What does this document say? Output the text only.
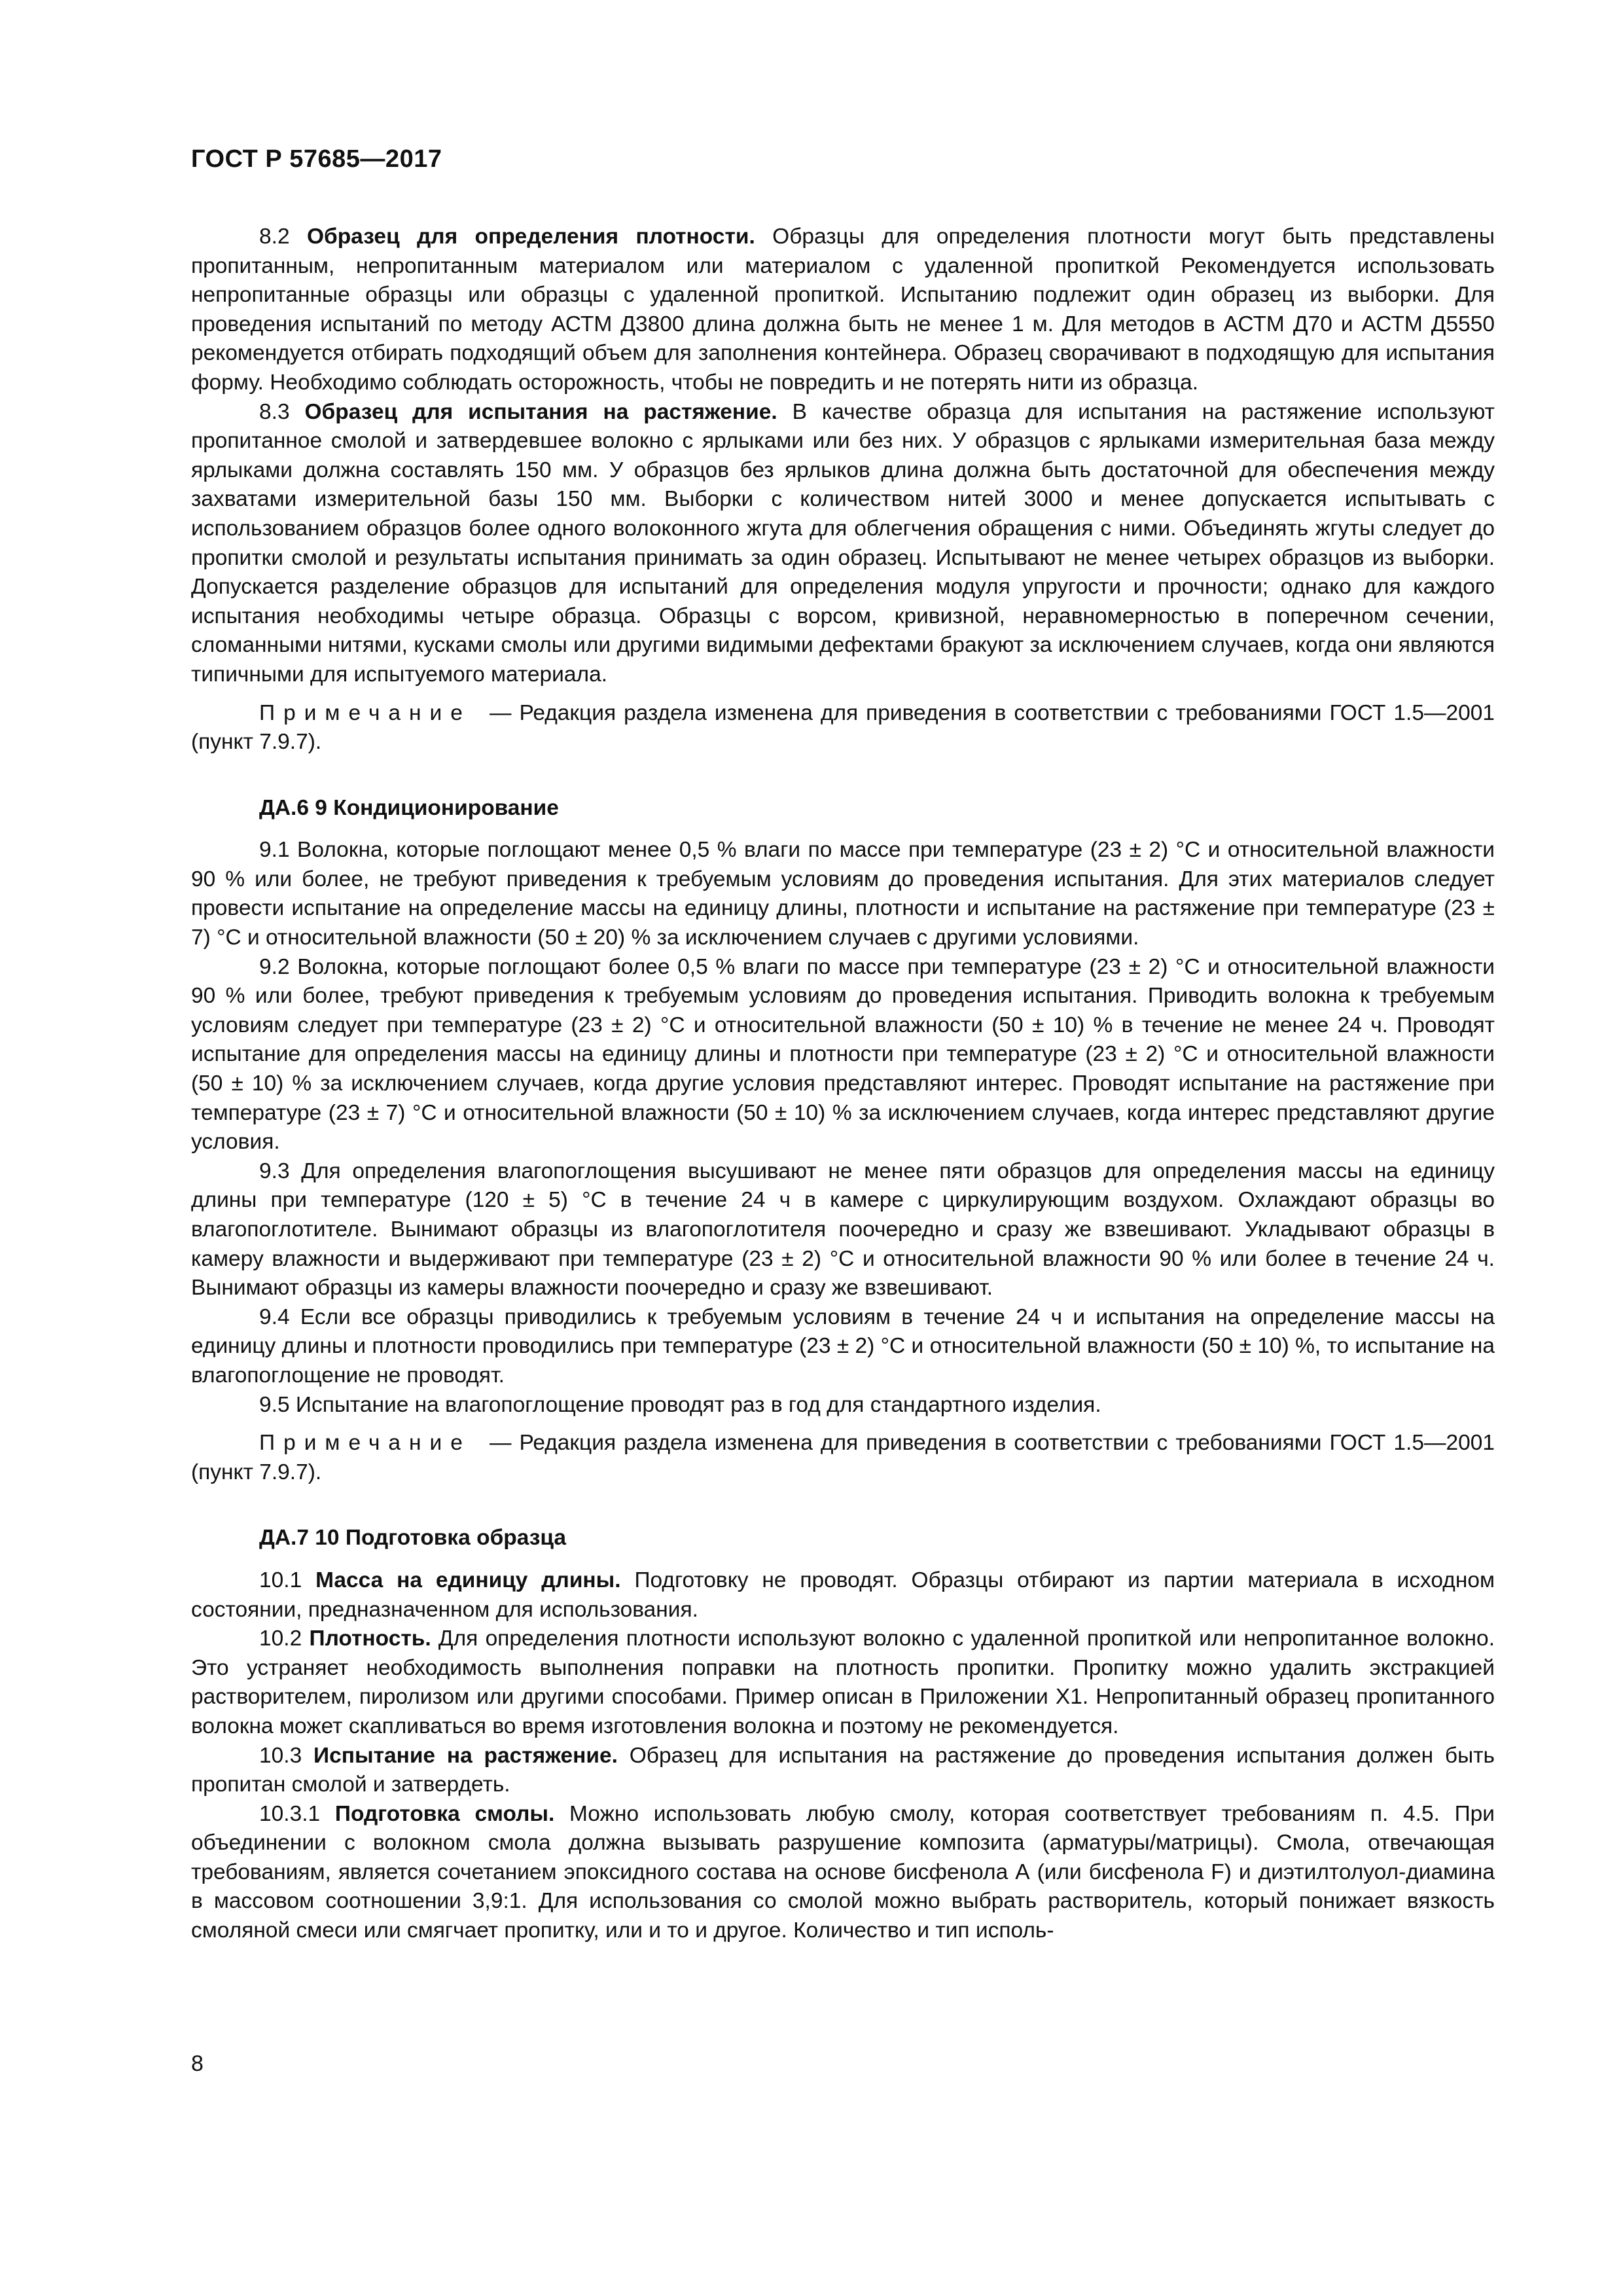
ГОСТ Р 57685—2017

8.2 Образец для определения плотности. Образцы для определения плотности могут быть представлены пропитанным, непропитанным материалом или материалом с удаленной пропиткой Рекомендуется использовать непропитанные образцы или образцы с удаленной пропиткой. Испытанию подлежит один образец из выборки. Для проведения испытаний по методу АСТМ Д3800 длина должна быть не менее 1 м. Для методов в АСТМ Д70 и АСТМ Д5550 рекомендуется отбирать подходящий объем для заполнения контейнера. Образец сворачивают в подходящую для испытания форму. Необходимо соблюдать осторожность, чтобы не повредить и не потерять нити из образца.

8.3 Образец для испытания на растяжение. В качестве образца для испытания на растяжение используют пропитанное смолой и затвердевшее волокно с ярлыками или без них. У образцов с ярлыками измерительная база между ярлыками должна составлять 150 мм. У образцов без ярлыков длина должна быть достаточной для обеспечения между захватами измерительной базы 150 мм. Выборки с количеством нитей 3000 и менее допускается испытывать с использованием образцов более одного волоконного жгута для облегчения обращения с ними. Объединять жгуты следует до пропитки смолой и результаты испытания принимать за один образец. Испытывают не менее четырех образцов из выборки. Допускается разделение образцов для испытаний для определения модуля упругости и прочности; однако для каждого испытания необходимы четыре образца. Образцы с ворсом, кривизной, неравномерностью в поперечном сечении, сломанными нитями, кусками смолы или другими видимыми дефектами бракуют за исключением случаев, когда они являются типичными для испытуемого материала.

Примечание — Редакция раздела изменена для приведения в соответствии с требованиями ГОСТ 1.5—2001 (пункт 7.9.7).

ДА.6 9 Кондиционирование

9.1 Волокна, которые поглощают менее 0,5 % влаги по массе при температуре (23 ± 2) °С и относительной влажности 90 % или более, не требуют приведения к требуемым условиям до проведения испытания. Для этих материалов следует провести испытание на определение массы на единицу длины, плотности и испытание на растяжение при температуре (23 ± 7) °С и относительной влажности (50 ± 20) % за исключением случаев с другими условиями.

9.2 Волокна, которые поглощают более 0,5 % влаги по массе при температуре (23 ± 2) °С и относительной влажности 90 % или более, требуют приведения к требуемым условиям до проведения испытания. Приводить волокна к требуемым условиям следует при температуре (23 ± 2) °С и относительной влажности (50 ± 10) % в течение не менее 24 ч. Проводят испытание для определения массы на единицу длины и плотности при температуре (23 ± 2) °С и относительной влажности (50 ± 10) % за исключением случаев, когда другие условия представляют интерес. Проводят испытание на растяжение при температуре (23 ± 7) °С и относительной влажности (50 ± 10) % за исключением случаев, когда интерес представляют другие условия.

9.3 Для определения влагопоглощения высушивают не менее пяти образцов для определения массы на единицу длины при температуре (120 ± 5) °С в течение 24 ч в камере с циркулирующим воздухом. Охлаждают образцы во влагопоглотителе. Вынимают образцы из влагопоглотителя поочередно и сразу же взвешивают. Укладывают образцы в камеру влажности и выдерживают при температуре (23 ± 2) °С и относительной влажности 90 % или более в течение 24 ч. Вынимают образцы из камеры влажности поочередно и сразу же взвешивают.

9.4 Если все образцы приводились к требуемым условиям в течение 24 ч и испытания на определение массы на единицу длины и плотности проводились при температуре (23 ± 2) °С и относительной влажности (50 ± 10) %, то испытание на влагопоглощение не проводят.

9.5 Испытание на влагопоглощение проводят раз в год для стандартного изделия.

Примечание — Редакция раздела изменена для приведения в соответствии с требованиями ГОСТ 1.5—2001 (пункт 7.9.7).

ДА.7 10 Подготовка образца

10.1 Масса на единицу длины. Подготовку не проводят. Образцы отбирают из партии материала в исходном состоянии, предназначенном для использования.

10.2 Плотность. Для определения плотности используют волокно с удаленной пропиткой или непропитанное волокно. Это устраняет необходимость выполнения поправки на плотность пропитки. Пропитку можно удалить экстракцией растворителем, пиролизом или другими способами. Пример описан в Приложении Х1. Непропитанный образец пропитанного волокна может скапливаться во время изготовления волокна и поэтому не рекомендуется.

10.3 Испытание на растяжение. Образец для испытания на растяжение до проведения испытания должен быть пропитан смолой и затвердеть.

10.3.1 Подготовка смолы. Можно использовать любую смолу, которая соответствует требованиям п. 4.5. При объединении с волокном смола должна вызывать разрушение композита (арматуры/матрицы). Смола, отвечающая требованиям, является сочетанием эпоксидного состава на основе бисфенола А (или бисфенола F) и диэтилтолуол-диамина в массовом соотношении 3,9:1. Для использования со смолой можно выбрать растворитель, который понижает вязкость смоляной смеси или смягчает пропитку, или и то и другое. Количество и тип исполь-

8
